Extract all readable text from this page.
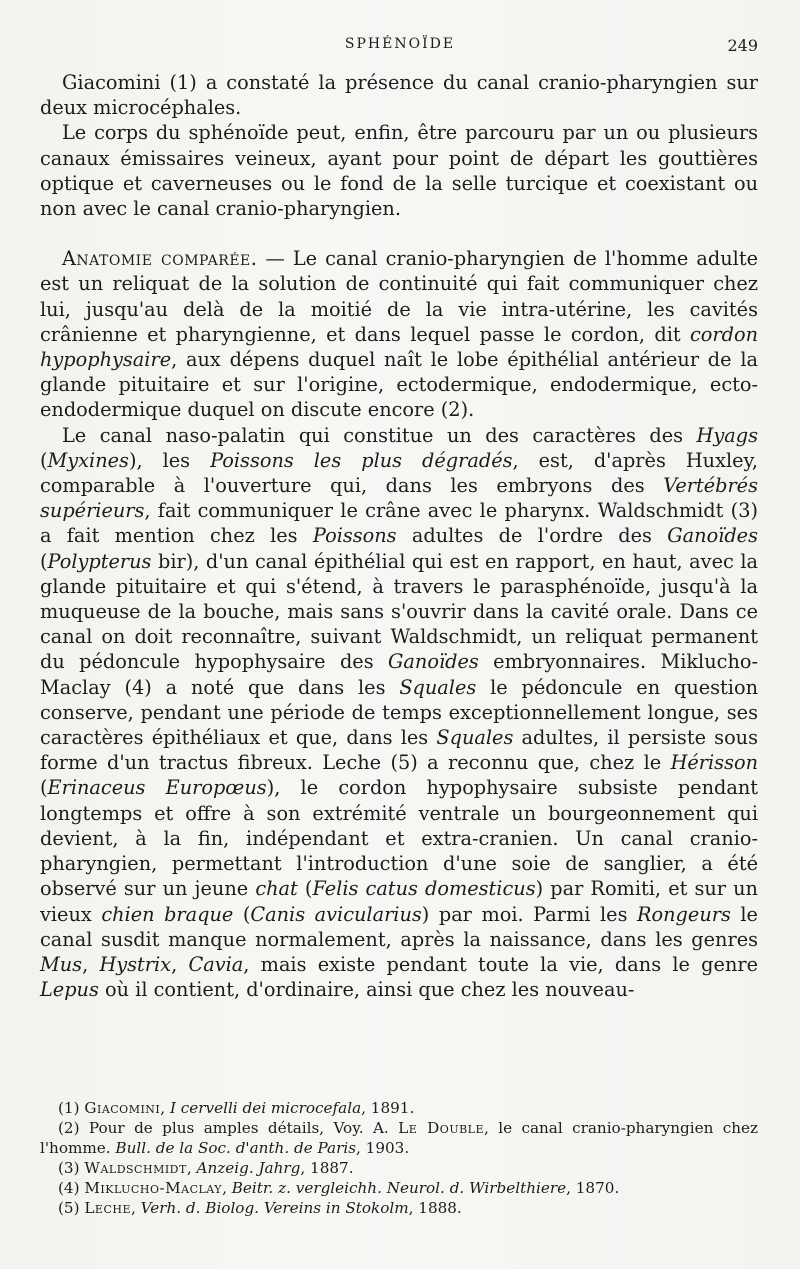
SPHÉNOÏDE	249

Giacomini (1) a constaté la présence du canal cranio-pharyngien sur deux microcéphales.

Le corps du sphénoïde peut, enfin, être parcouru par un ou plusieurs canaux émissaires veineux, ayant pour point de départ les gouttières optique et caverneuses ou le fond de la selle turcique et coexistant ou non avec le canal cranio-pharyngien.

Anatomie comparée. — Le canal cranio-pharyngien de l'homme adulte est un reliquat de la solution de continuité qui fait communiquer chez lui, jusqu'au delà de la moitié de la vie intra-utérine, les cavités crânienne et pharyngienne, et dans lequel passe le cordon, dit cordon hypophysaire, aux dépens duquel naît le lobe épithélial antérieur de la glande pituitaire et sur l'origine, ectodermique, endodermique, ecto-endodermique duquel on discute encore (2).

Le canal naso-palatin qui constitue un des caractères des Hyags (Myxines), les Poissons les plus dégradés, est, d'après Huxley, comparable à l'ouverture qui, dans les embryons des Vertébrés supérieurs, fait communiquer le crâne avec le pharynx. Waldschmidt (3) a fait mention chez les Poissons adultes de l'ordre des Ganoïdes (Polypterus bir), d'un canal épithélial qui est en rapport, en haut, avec la glande pituitaire et qui s'étend, à travers le parasphénoïde, jusqu'à la muqueuse de la bouche, mais sans s'ouvrir dans la cavité orale. Dans ce canal on doit reconnaître, suivant Waldschmidt, un reliquat permanent du pédoncule hypophysaire des Ganoïdes embryonnaires. Miklucho-Maclay (4) a noté que dans les Squales le pédoncule en question conserve, pendant une période de temps exceptionnellement longue, ses caractères épithéliaux et que, dans les Squales adultes, il persiste sous forme d'un tractus fibreux. Leche (5) a reconnu que, chez le Hérisson (Erinaceus Europœus), le cordon hypophysaire subsiste pendant longtemps et offre à son extrémité ventrale un bourgeonnement qui devient, à la fin, indépendant et extra-cranien. Un canal cranio-pharyngien, permettant l'introduction d'une soie de sanglier, a été observé sur un jeune chat (Felis catus domesticus) par Romiti, et sur un vieux chien braque (Canis avicularius) par moi. Parmi les Rongeurs le canal susdit manque normalement, après la naissance, dans les genres Mus, Hystrix, Cavia, mais existe pendant toute la vie, dans le genre Lepus où il contient, d'ordinaire, ainsi que chez les nouveau-

(1) Giacomini, I cervelli dei microcefala, 1891.

(2) Pour de plus amples détails, Voy. A. Le Double, le canal cranio-pharyngien chez l'homme. Bull. de la Soc. d'anth. de Paris, 1903.

(3) Waldschmidt, Anzeig. Jahrg, 1887.

(4) Miklucho-Maclay, Beitr. z. vergleichh. Neurol. d. Wirbelthiere, 1870.

(5) Leche, Verh. d. Biolog. Vereins in Stokolm, 1888.
